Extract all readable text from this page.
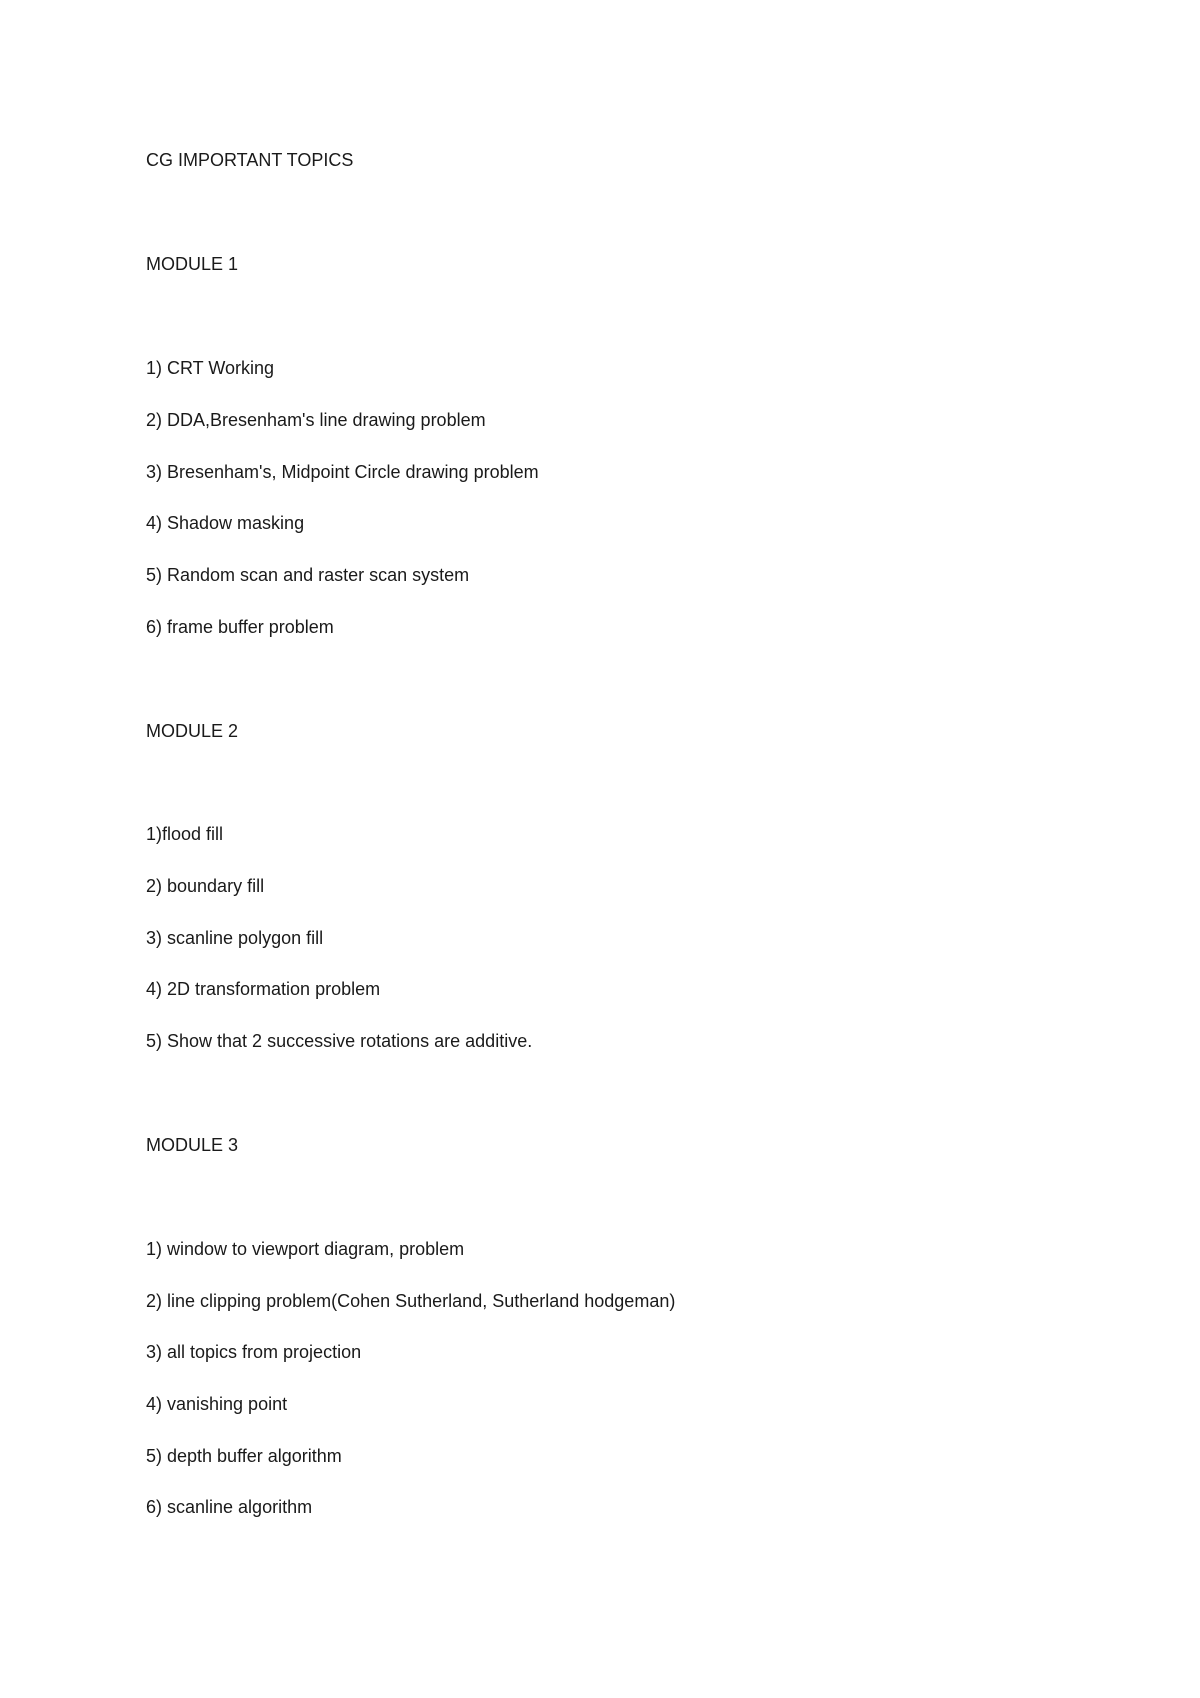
CG IMPORTANT TOPICS
MODULE 1
1) CRT Working
2) DDA,Bresenham's line drawing problem
3) Bresenham's, Midpoint Circle drawing problem
4) Shadow masking
5) Random scan and raster scan system
6) frame buffer problem
MODULE 2
1)flood fill
2) boundary fill
3) scanline polygon fill
4) 2D transformation problem
5) Show that 2 successive rotations are additive.
MODULE 3
1) window to viewport diagram, problem
2) line clipping problem(Cohen Sutherland, Sutherland hodgeman)
3) all topics from projection
4) vanishing point
5) depth buffer algorithm
6) scanline algorithm
